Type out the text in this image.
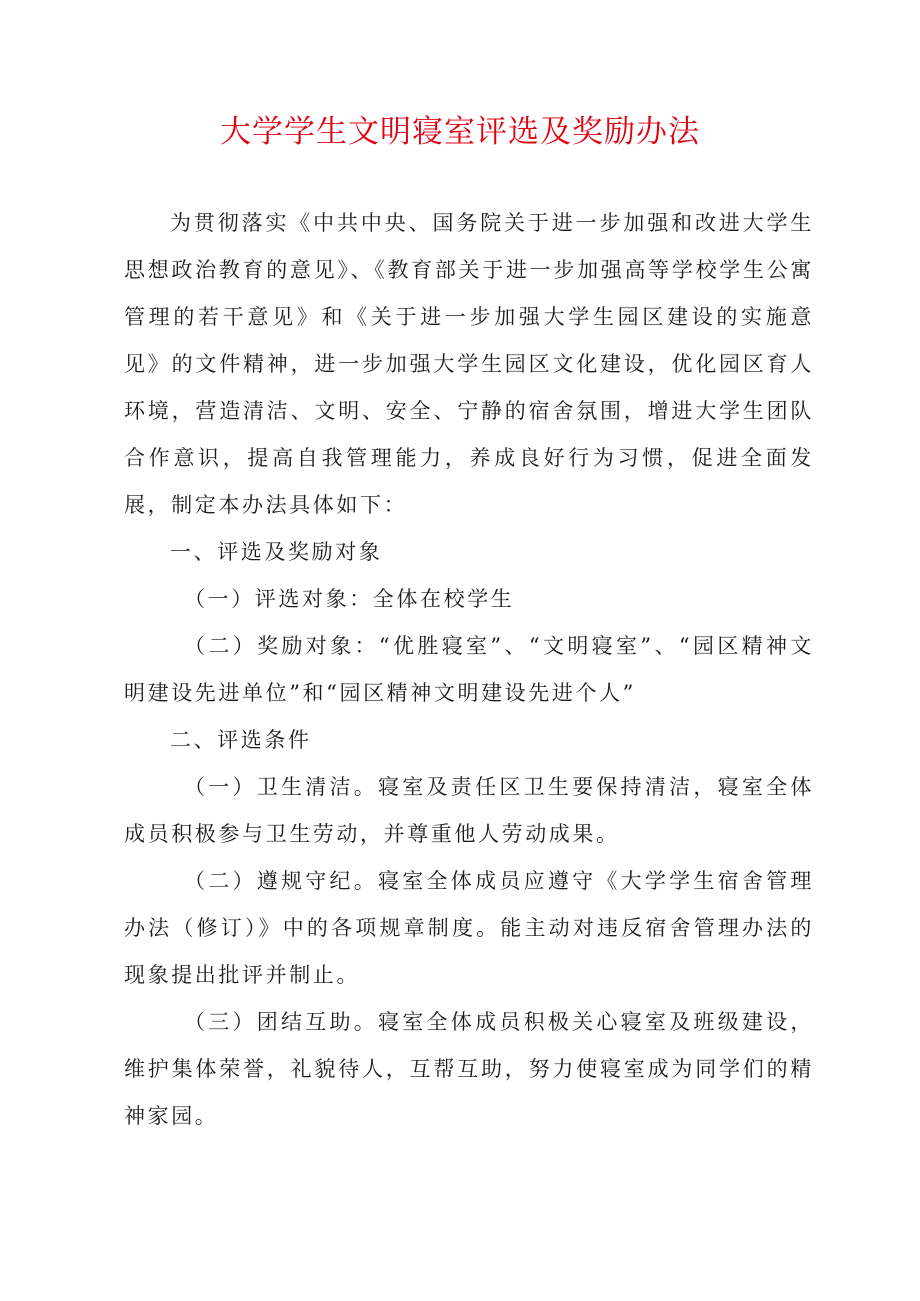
大学学生文明寝室评选及奖励办法

为贯彻落实《中共中央、国务院关于进一步加强和改进大学生思想政治教育的意见》、《教育部关于进一步加强高等学校学生公寓管理的若干意见》和《关于进一步加强大学生园区建设的实施意见》的文件精神，进一步加强大学生园区文化建设，优化园区育人环境，营造清洁、文明、安全、宁静的宿舍氛围，增进大学生团队合作意识，提高自我管理能力，养成良好行为习惯，促进全面发展，制定本办法具体如下：

一、评选及奖励对象

（一）评选对象：全体在校学生

（二）奖励对象：“优胜寝室”、“文明寝室”、“园区精神文明建设先进单位”和“园区精神文明建设先进个人”

二、评选条件

（一）卫生清洁。寝室及责任区卫生要保持清洁，寝室全体成员积极参与卫生劳动，并尊重他人劳动成果。

（二）遵规守纪。寝室全体成员应遵守《大学学生宿舍管理办法（修订）》中的各项规章制度。能主动对违反宿舍管理办法的现象提出批评并制止。

（三）团结互助。寝室全体成员积极关心寝室及班级建设，维护集体荣誉，礼貌待人，互帮互助，努力使寝室成为同学们的精神家园。
